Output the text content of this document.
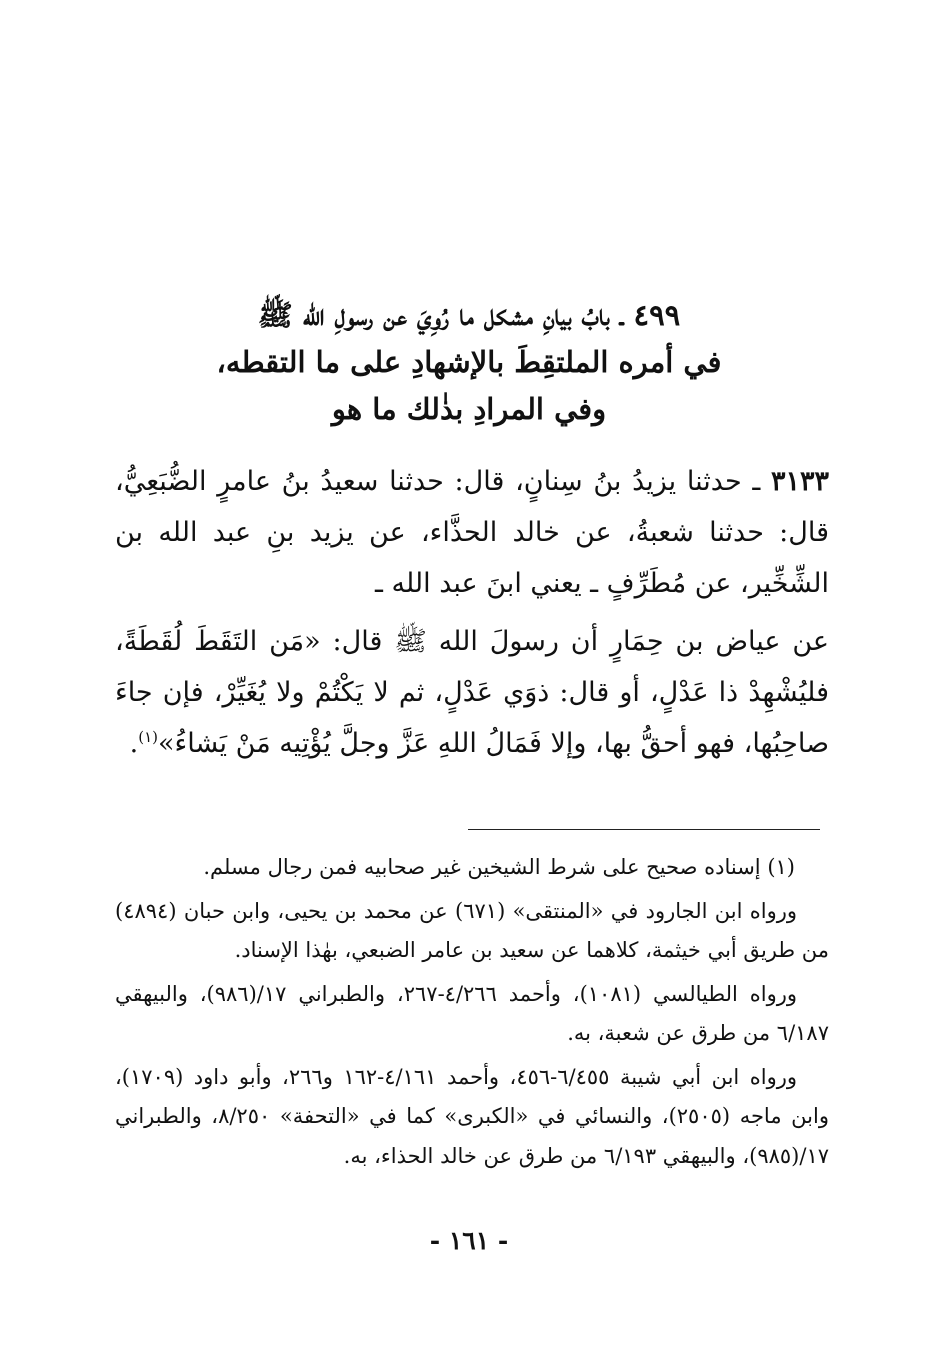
٤٩٩ ـ بابُ بيانِ مشكل ما رُوِيَ عن رسولِ الله ﷺ
في أمره الملتقِطَ بالإشهادِ على ما التقطه،
وفي المرادِ بذٰلك ما هو

٣١٣٣ ـ حدثنا يزيدُ بنُ سِنانٍ، قال: حدثنا سعيدُ بنُ عامرٍ الضُّبَعِيُّ، قال: حدثنا شعبةُ، عن خالد الحذَّاء، عن يزيد بنِ عبد الله بن الشِّخِّير، عن مُطَرِّفٍ ـ يعني ابنَ عبد الله ـ

عن عياض بن حِمَارٍ أن رسولَ الله ﷺ قال: «مَن التَقَطَ لُقَطَةً، فليُشْهِدْ ذا عَدْلٍ، أو قال: ذوَي عَدْلٍ، ثم لا يَكْتُمْ ولا يُغَيِّرْ، فإن جاءَ صاحِبُها، فهو أحقُّ بها، وإلا فَمَالُ اللهِ عَزَّ وجلَّ يُؤْتِيه مَنْ يَشاءُ»$^{(١)}$.

(١) إسناده صحيح على شرط الشيخين غير صحابيه فمن رجال مسلم.

ورواه ابن الجارود في «المنتقى» (٦٧١) عن محمد بن يحيى، وابن حبان (٤٨٩٤) من طريق أبي خيثمة، كلاهما عن سعيد بن عامر الضبعي، بهٰذا الإسناد.

ورواه الطيالسي (١٠٨١)، وأحمد ٤/٢٦٦-٢٦٧، والطبراني ١٧/(٩٨٦)، والبيهقي ٦/١٨٧ من طرق عن شعبة، به.

ورواه ابن أبي شيبة ٦/٤٥٥-٤٥٦، وأحمد ٤/١٦١-١٦٢ و٢٦٦، وأبو داود (١٧٠٩)، وابن ماجه (٢٥٠٥)، والنسائي في «الكبرى» كما في «التحفة» ٨/٢٥٠، والطبراني ١٧/(٩٨٥)، والبيهقي ٦/١٩٣ من طرق عن خالد الحذاء، به.

- ١٦١ -
